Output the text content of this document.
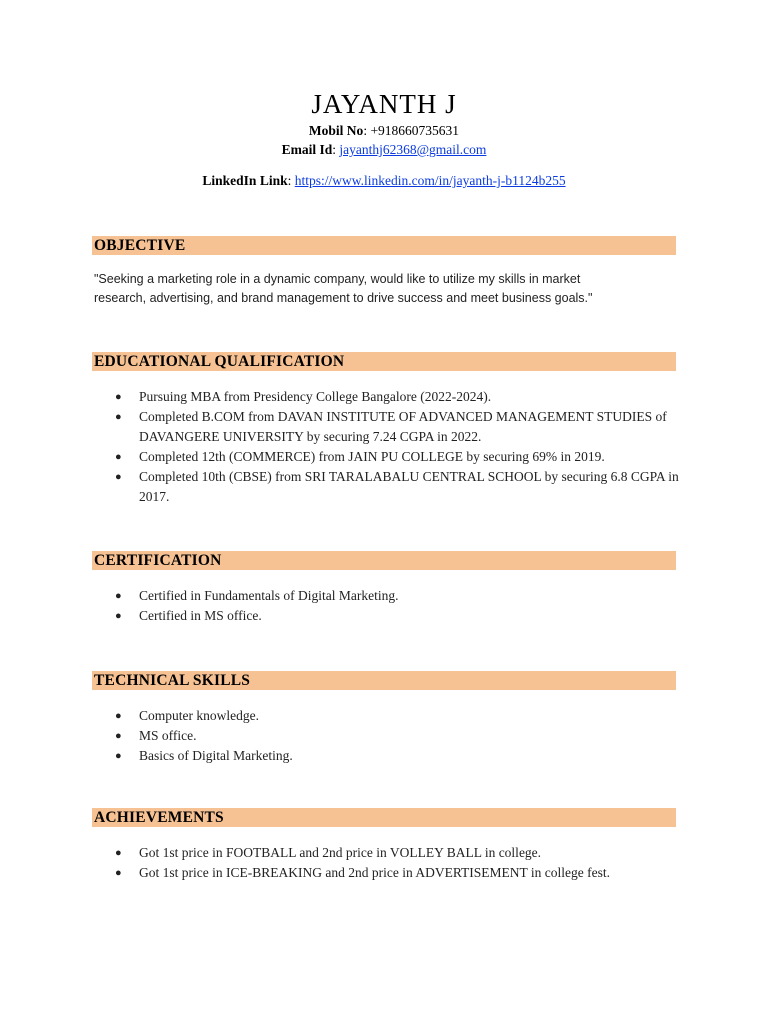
JAYANTH J
Mobil No: +918660735631
Email Id: jayanthj62368@gmail.com
LinkedIn Link: https://www.linkedin.com/in/jayanth-j-b1124b255
OBJECTIVE
"Seeking a marketing role in a dynamic company, would like to utilize my skills in market
research, advertising, and brand management to drive success and meet business goals."
EDUCATIONAL QUALIFICATION
● Pursuing MBA from Presidency College Bangalore (2022-2024).
● Completed B.COM from DAVAN INSTITUTE OF ADVANCED MANAGEMENT STUDIES of DAVANGERE UNIVERSITY by securing 7.24 CGPA in 2022.
● Completed 12th (COMMERCE) from JAIN PU COLLEGE by securing 69% in 2019.
● Completed 10th (CBSE) from SRI TARALABALU CENTRAL SCHOOL by securing 6.8 CGPA in 2017.
CERTIFICATION
● Certified in Fundamentals of Digital Marketing.
● Certified in MS office.
TECHNICAL SKILLS
● Computer knowledge.
● MS office.
● Basics of Digital Marketing.
ACHIEVEMENTS
● Got 1st price in FOOTBALL and 2nd price in VOLLEY BALL in college.
● Got 1st price in ICE-BREAKING and 2nd price in ADVERTISEMENT in college fest.
